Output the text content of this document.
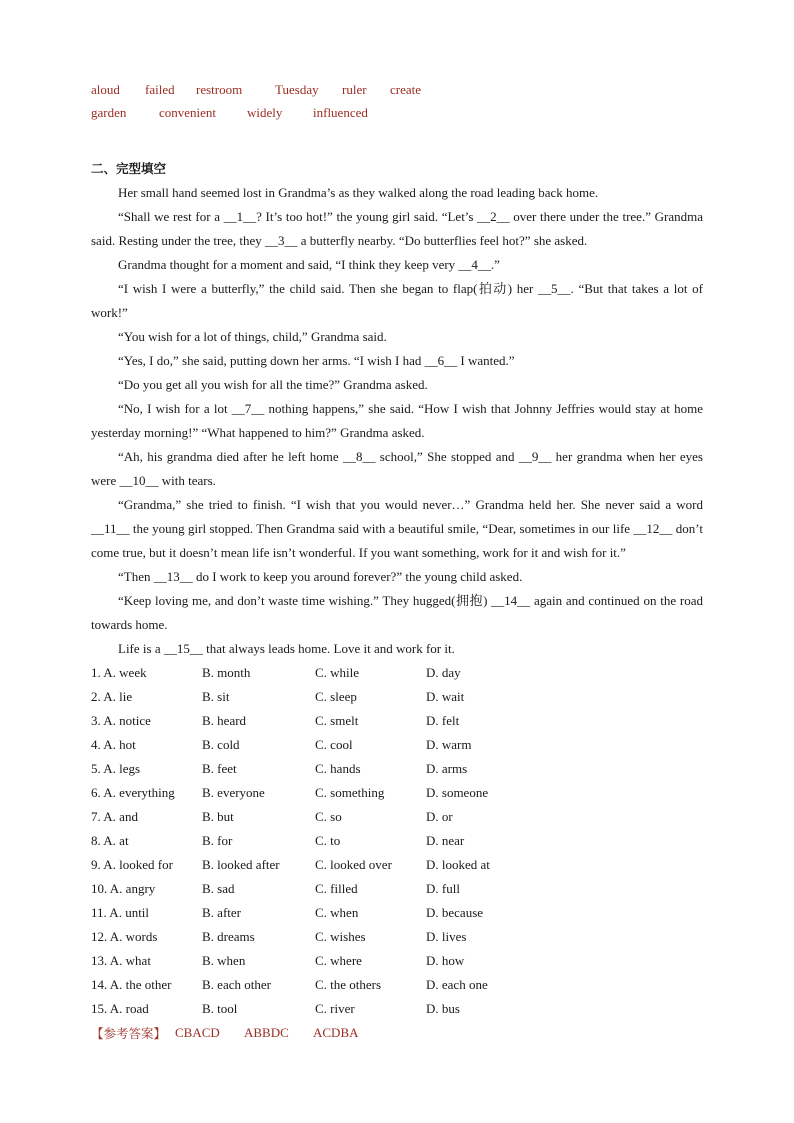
aloud	failed	restroom	Tuesday	ruler	create
garden	convenient	widely	influenced
二、完型填空

Her small hand seemed lost in Grandma’s as they walked along the road leading back home.

“Shall we rest for a __1__? It’s too hot!” the young girl said. “Let’s __2__ over there under the tree.” Grandma said. Resting under the tree, they __3__ a butterfly nearby. “Do butterflies feel hot?” she asked.

Grandma thought for a moment and said, “I think they keep very __4__.”

“I wish I were a butterfly,” the child said. Then she began to flap(拍动) her __5__. “But that takes a lot of work!”

“You wish for a lot of things, child,” Grandma said.

“Yes, I do,” she said, putting down her arms. “I wish I had __6__ I wanted.”

“Do you get all you wish for all the time?” Grandma asked.

“No, I wish for a lot __7__ nothing happens,” she said. “How I wish that Johnny Jeffries would stay at home yesterday morning!” “What happened to him?” Grandma asked.

“Ah, his grandma died after he left home __8__ school,” She stopped and __9__ her grandma when her eyes were __10__ with tears.

“Grandma,” she tried to finish. “I wish that you would never…” Grandma held her. She never said a word __11__ the young girl stopped. Then Grandma said with a beautiful smile, “Dear, sometimes in our life __12__ don’t come true, but it doesn’t mean life isn’t wonderful. If you want something, work for it and wish for it.”

“Then __13__ do I work to keep you around forever?” the young child asked.

“Keep loving me, and don’t waste time wishing.” They hugged(拥抱) __14__ again and continued on the road towards home.

Life is a __15__ that always leads home. Love it and work for it.

1. A. week	B. month	C. while	D. day
2. A. lie	B. sit	C. sleep	D. wait
3. A. notice	B. heard	C. smelt	D. felt
4. A. hot	B. cold	C. cool	D. warm
5. A. legs	B. feet	C. hands	D. arms
6. A. everything	B. everyone	C. something	D. someone
7. A. and	B. but	C. so	D. or
8. A. at	B. for	C. to	D. near
9. A. looked for	B. looked after	C. looked over	D. looked at
10. A. angry	B. sad	C. filled	D. full
11. A. until	B. after	C. when	D. because
12. A. words	B. dreams	C. wishes	D. lives
13. A. what	B. when	C. where	D. how
14. A. the other	B. each other	C. the others	D. each one
15. A. road	B. tool	C. river	D. bus
【参考答案】 CBACD	ABBDC	ACDBA
